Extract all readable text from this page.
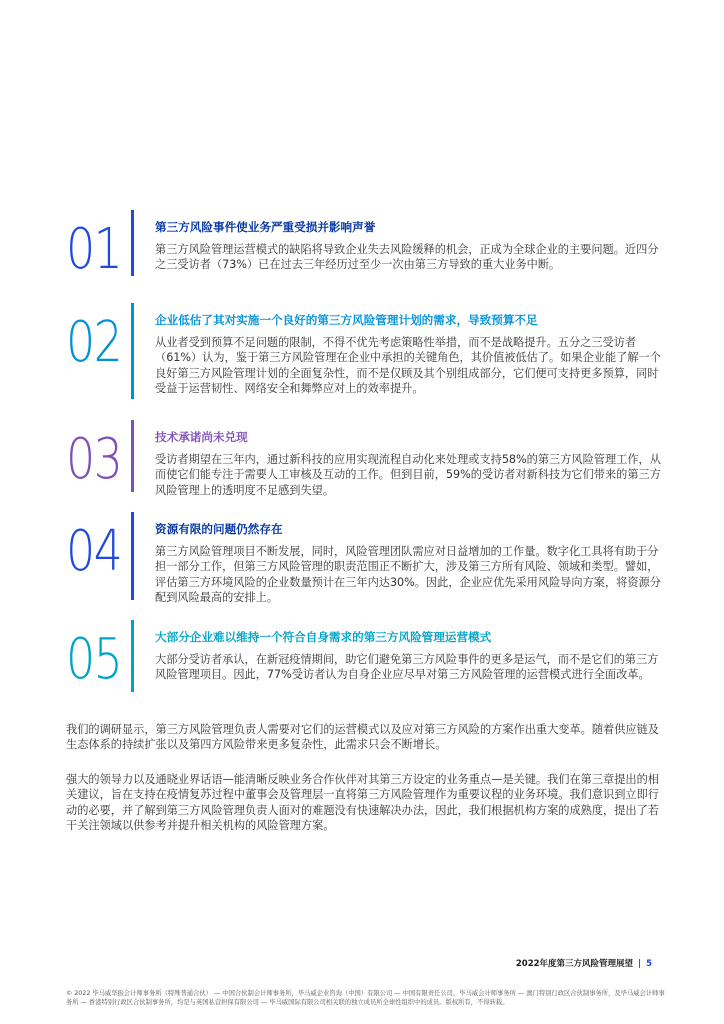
01	第三方风险事件使业务严重受损并影响声誉
第三方风险管理运营模式的缺陷将导致企业失去风险缓释的机会，正成为全球企业的主要问题。近四分之三受访者（73%）已在过去三年经历过至少一次由第三方导致的重大业务中断。
02	企业低估了其对实施一个良好的第三方风险管理计划的需求，导致预算不足
从业者受到预算不足问题的限制，不得不优先考虑策略性举措，而不是战略提升。五分之三受访者（61%）认为，鉴于第三方风险管理在企业中承担的关键角色，其价值被低估了。如果企业能了解一个良好第三方风险管理计划的全面复杂性，而不是仅顾及其个别组成部分，它们便可支持更多预算，同时受益于运营韧性、网络安全和舞弊应对上的效率提升。
03	技术承诺尚未兑现
受访者期望在三年内，通过新科技的应用实现流程自动化来处理或支持58%的第三方风险管理工作，从而使它们能专注于需要人工审核及互动的工作。但到目前，59%的受访者对新科技为它们带来的第三方风险管理上的透明度不足感到失望。
04	资源有限的问题仍然存在
第三方风险管理项目不断发展，同时，风险管理团队需应对日益增加的工作量。数字化工具将有助于分担一部分工作，但第三方风险管理的职责范围正不断扩大，涉及第三方所有风险、领域和类型。譬如，评估第三方环境风险的企业数量预计在三年内达30%。因此，企业应优先采用风险导向方案，将资源分配到风险最高的安排上。
05	大部分企业难以维持一个符合自身需求的第三方风险管理运营模式
大部分受访者承认，在新冠疫情期间，助它们避免第三方风险事件的更多是运气，而不是它们的第三方风险管理项目。因此，77%受访者认为自身企业应尽早对第三方风险管理的运营模式进行全面改革。
我们的调研显示，第三方风险管理负责人需要对它们的运营模式以及应对第三方风险的方案作出重大变革。随着供应链及生态体系的持续扩张以及第四方风险带来更多复杂性，此需求只会不断增长。
强大的领导力以及通晓业界话语—能清晰反映业务合作伙伴对其第三方设定的业务重点—是关键。我们在第三章提出的相关建议，旨在支持在疫情复苏过程中董事会及管理层一直将第三方风险管理作为重要议程的业务环境。我们意识到立即行动的必要，并了解到第三方风险管理负责人面对的难题没有快速解决办法，因此，我们根据机构方案的成熟度，提出了若干关注领域以供参考并提升相关机构的风险管理方案。
2022年度第三方风险管理展望 | 5
© 2022 毕马威华振会计师事务所（特殊普通合伙） — 中国合伙制会计师事务所，毕马威企业咨询（中国）有限公司 — 中国有限责任公司，毕马威会计师事务所 — 澳门特别行政区合伙制事务所，及毕马威会计师事务所 — 香港特别行政区合伙制事务所，均是与英国私营担保有限公司 — 毕马威国际有限公司相关联的独立成员所全球性组织中的成员。版权所有，不得转载。
